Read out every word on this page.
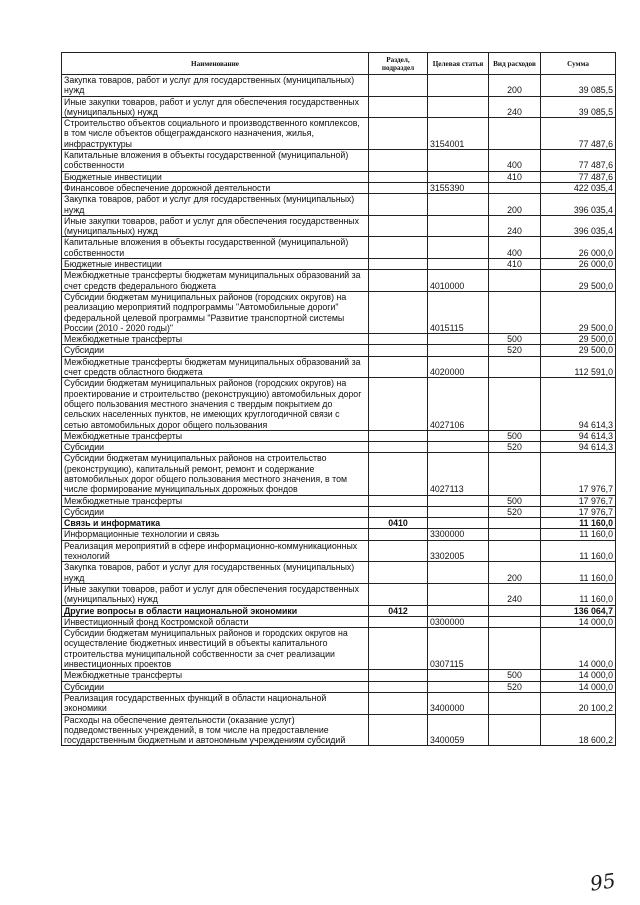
Наименование	Раздел, подраздел	Целевая статья	Вид расходов	Сумма
Закупка товаров, работ и услуг для государственных (муниципальных) нужд			200	39 085,5
Иные закупки товаров, работ и услуг для обеспечения государственных (муниципальных) нужд			240	39 085,5
Строительство объектов социального и производственного комплексов, в том числе объектов общегражданского назначения, жилья, инфраструктуры		3154001		77 487,6
Капитальные вложения в объекты государственной (муниципальной) собственности			400	77 487,6
Бюджетные инвестиции			410	77 487,6
Финансовое обеспечение дорожной деятельности		3155390		422 035,4
Закупка товаров, работ и услуг для государственных (муниципальных) нужд			200	396 035,4
Иные закупки товаров, работ и услуг для обеспечения государственных (муниципальных) нужд			240	396 035,4
Капитальные вложения в объекты государственной (муниципальной) собственности			400	26 000,0
Бюджетные инвестиции			410	26 000,0
Межбюджетные трансферты бюджетам муниципальных образований за счет средств федерального бюджета		4010000		29 500,0
Субсидии бюджетам муниципальных районов (городских округов) на реализацию мероприятий подпрограммы "Автомобильные дороги" федеральной целевой программы "Развитие транспортной системы России (2010 - 2020 годы)"		4015115		29 500,0
Межбюджетные трансферты			500	29 500,0
Субсидии			520	29 500,0
Межбюджетные трансферты бюджетам муниципальных образований за счет средств областного бюджета		4020000		112 591,0
Субсидии бюджетам муниципальных районов (городских округов) на проектирование и строительство (реконструкцию) автомобильных дорог общего пользования местного значения с твердым покрытием до сельских населенных пунктов, не имеющих круглогодичной связи с сетью автомобильных дорог общего пользования		4027106		94 614,3
Межбюджетные трансферты			500	94 614,3
Субсидии			520	94 614,3
Субсидии бюджетам муниципальных районов на строительство (реконструкцию), капитальный ремонт, ремонт и содержание автомобильных дорог общего пользования местного значения, в том числе формирование муниципальных дорожных фондов		4027113		17 976,7
Межбюджетные трансферты			500	17 976,7
Субсидии			520	17 976,7
Связь и информатика	0410			11 160,0
Информационные технологии и связь		3300000		11 160,0
Реализация мероприятий в сфере информационно-коммуникационных технологий		3302005		11 160,0
Закупка товаров, работ и услуг для государственных (муниципальных) нужд			200	11 160,0
Иные закупки товаров, работ и услуг для обеспечения государственных (муниципальных) нужд			240	11 160,0
Другие вопросы в области национальной экономики	0412			136 064,7
Инвестиционный фонд Костромской области		0300000		14 000,0
Субсидии бюджетам муниципальных районов и городских округов на осуществление бюджетных инвестиций в объекты капитального строительства муниципальной собственности за счет реализации инвестиционных проектов		0307115		14 000,0
Межбюджетные трансферты			500	14 000,0
Субсидии			520	14 000,0
Реализация государственных функций в области национальной экономики		3400000		20 100,2
Расходы на обеспечение деятельности (оказание услуг) подведомственных учреждений, в том числе на предоставление государственным бюджетным и автономным учреждениям субсидий		3400059		18 600,2
95
